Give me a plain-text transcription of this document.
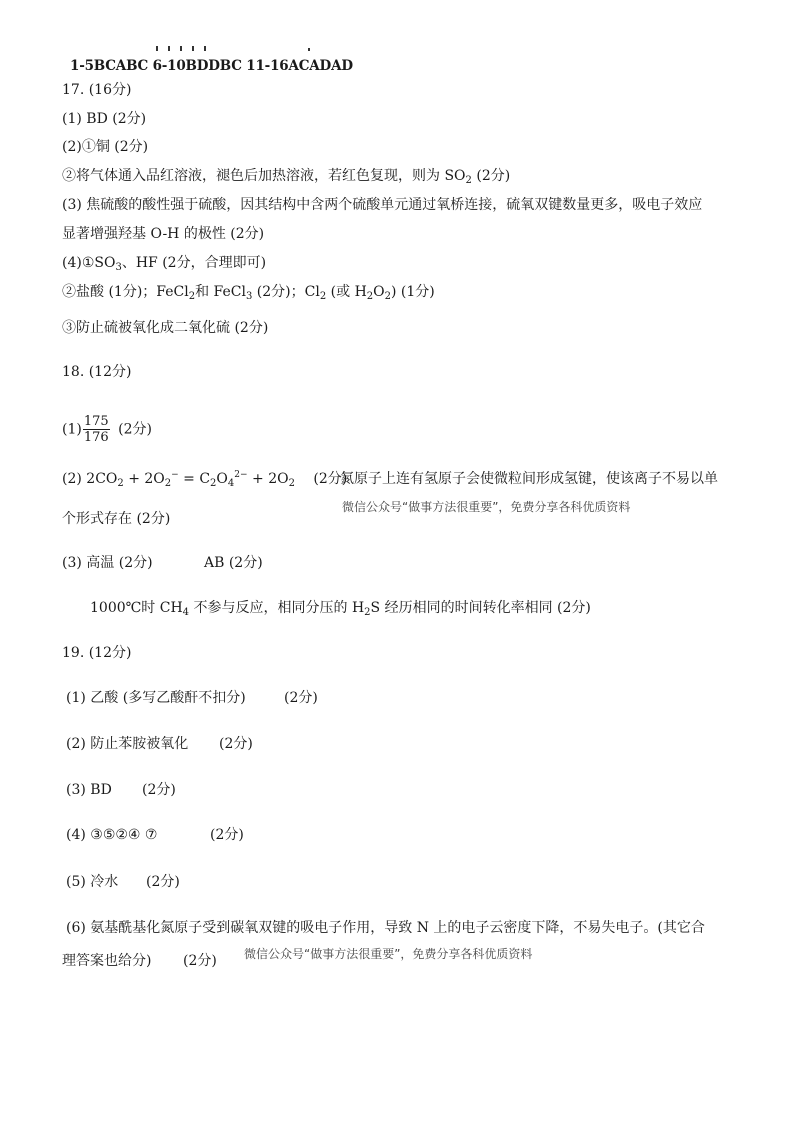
1-5BCABC 6-10BDDBC 11-16ACADAD
17. (16分)
(1) BD (2分)
(2)①铜 (2分)
②将气体通入品红溶液，褪色后加热溶液，若红色复现，则为 $SO_2$ (2分)
(3) 焦硫酸的酸性强于硫酸，因其结构中含两个硫酸单元通过氧桥连接，硫氧双键数量更多，吸电子效应
显著增强羟基 O-H 的极性 (2分)
$(4)①SO_3$、HF (2分，合理即可)
②盐酸 (1分)；FeCl$_2$和 FeCl$_3$ (2分)；$Cl_2$ (或 $H_2O_2$) (1分)
③防止硫被氧化成二氧化硫 (2分)
18. (12分)
$(1) \frac{175}{176} (2$分)
(2) $2CO_2 + 2O_2^- = C_2O_4^{2-} + 2O_2$ (2分)
氮原子上连有氢原子会使微粒间形成氢键，使该离子不易以单
微信公众号“做事方法很重要”，免费分享各科优质资料
个形式存在 (2分)
(3) 高温 (2分)	AB (2分)
1000℃时 $CH_4$ 不参与反应，相同分压的 $H_2S$ 经历相同的时间转化率相同 (2分)
19. (12分)
(1) 乙酸 (多写乙酸酐不扣分)	(2分)
(2) 防止苯胺被氧化 (2分)
(3) BD (2分)
(4) ③⑤②④ ⑦	(2分)
(5) 冷水 (2分)
(6) 氨基酰基化氮原子受到碳氧双键的吸电子作用，导致 N 上的电子云密度下降，不易失电子。(其它合
微信公众号“做事方法很重要”，免费分享各科优质资料
理答案也给分) (2分)
